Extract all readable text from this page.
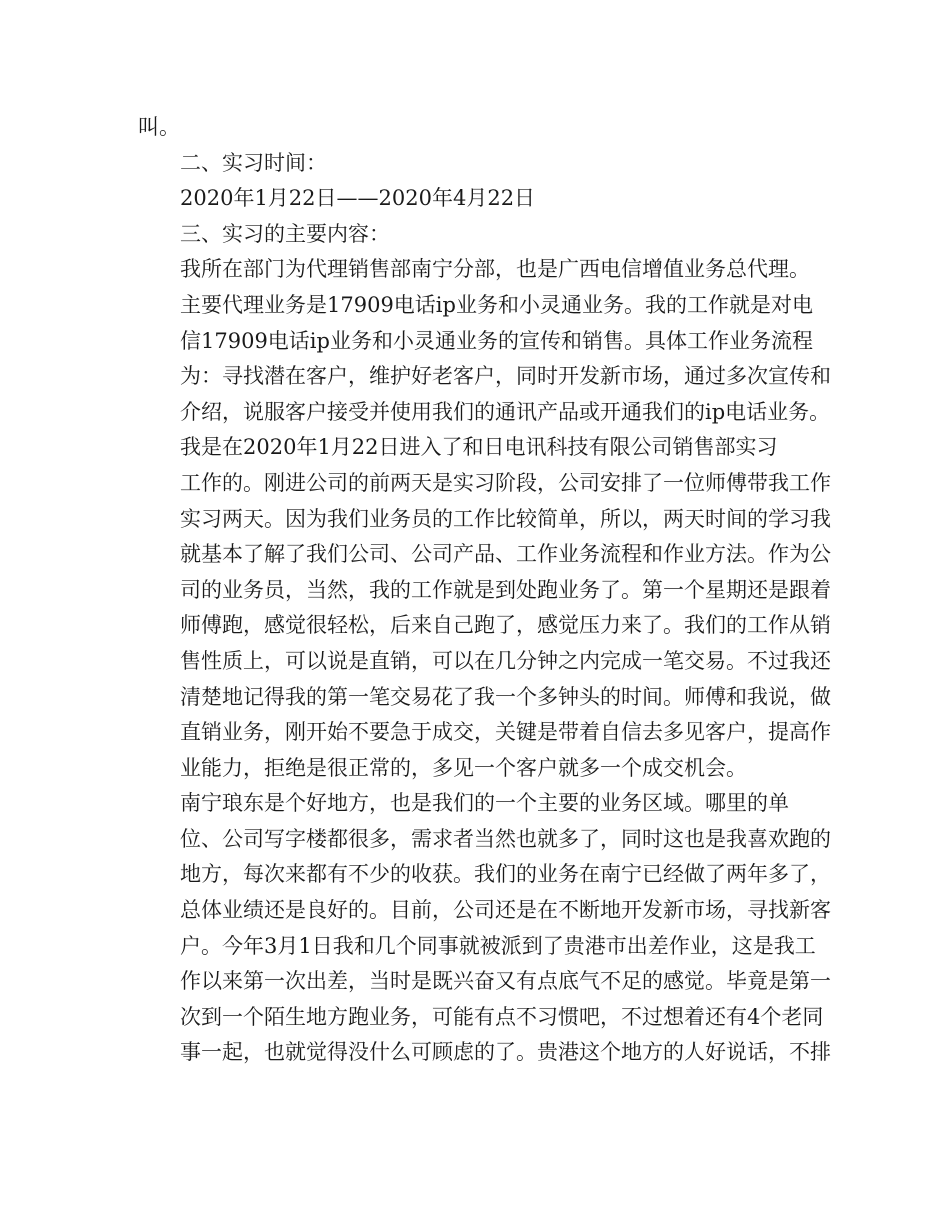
叫。
二、实习时间：
2020年1月22日——2020年4月22日
三、实习的主要内容：
我所在部门为代理销售部南宁分部，也是广西电信增值业务总代理。
主要代理业务是17909电话ip业务和小灵通业务。我的工作就是对电
信17909电话ip业务和小灵通业务的宣传和销售。具体工作业务流程
为：寻找潜在客户，维护好老客户，同时开发新市场，通过多次宣传和
介绍，说服客户接受并使用我们的通讯产品或开通我们的ip电话业务。
我是在2020年1月22日进入了和日电讯科技有限公司销售部实习
工作的。刚进公司的前两天是实习阶段，公司安排了一位师傅带我工作
实习两天。因为我们业务员的工作比较简单，所以，两天时间的学习我
就基本了解了我们公司、公司产品、工作业务流程和作业方法。作为公
司的业务员，当然，我的工作就是到处跑业务了。第一个星期还是跟着
师傅跑，感觉很轻松，后来自己跑了，感觉压力来了。我们的工作从销
售性质上，可以说是直销，可以在几分钟之内完成一笔交易。不过我还
清楚地记得我的第一笔交易花了我一个多钟头的时间。师傅和我说，做
直销业务，刚开始不要急于成交，关键是带着自信去多见客户，提高作
业能力，拒绝是很正常的，多见一个客户就多一个成交机会。
南宁琅东是个好地方，也是我们的一个主要的业务区域。哪里的单
位、公司写字楼都很多，需求者当然也就多了，同时这也是我喜欢跑的
地方，每次来都有不少的收获。我们的业务在南宁已经做了两年多了，
总体业绩还是良好的。目前，公司还是在不断地开发新市场，寻找新客
户。今年3月1日我和几个同事就被派到了贵港市出差作业，这是我工
作以来第一次出差，当时是既兴奋又有点底气不足的感觉。毕竟是第一
次到一个陌生地方跑业务，可能有点不习惯吧，不过想着还有4个老同
事一起，也就觉得没什么可顾虑的了。贵港这个地方的人好说话，不排
